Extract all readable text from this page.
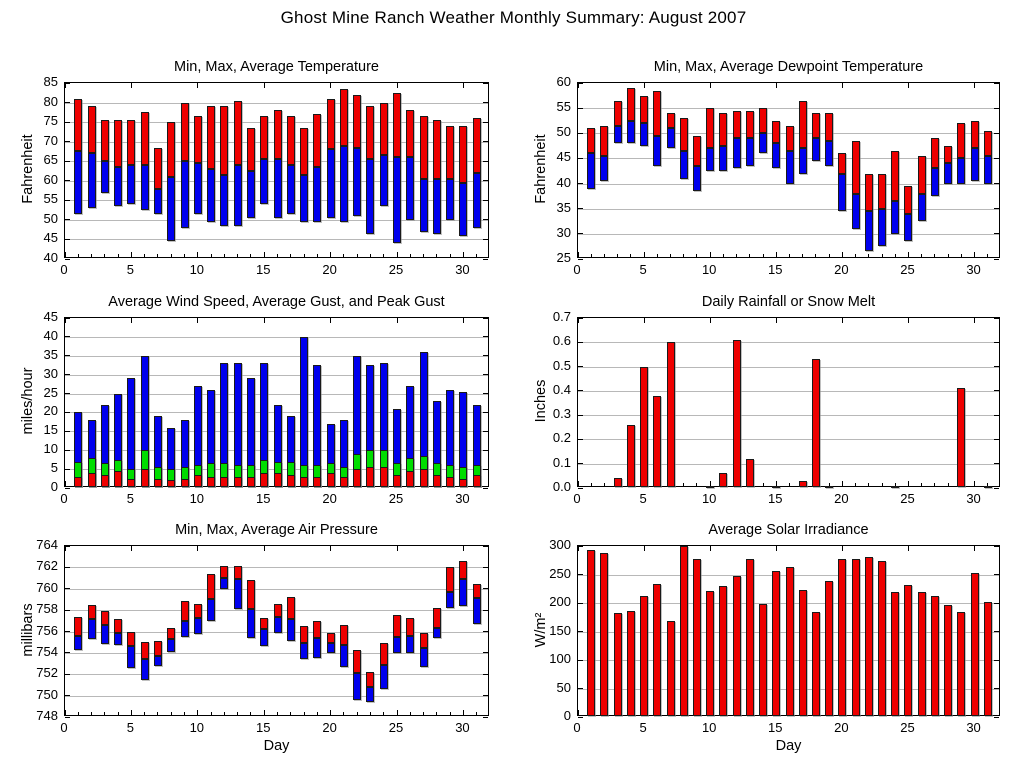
Ghost Mine Ranch Weather Monthly Summary: August 2007
Min, Max, Average Temperature
Fahrenheit
40
45
50
55
60
65
70
75
80
85
0	5	10	15	20	25	30
Min, Max, Average Dewpoint Temperature
Fahrenheit
25
30
35
40
45
50
55
60
0	5	10	15	20	25	30
Average Wind Speed, Average Gust, and Peak Gust
miles/hour
0
5
10
15
20
25
30
35
40
45
0	5	10	15	20	25	30
Daily Rainfall or Snow Melt
Inches
0.0
0.1
0.2
0.3
0.4
0.5
0.6
0.7
0	5	10	15	20	25	30
Min, Max, Average Air Pressure
millibars
Day
748
750
752
754
756
758
760
762
764
0	5	10	15	20	25	30
Average Solar Irradiance
W/m²
Day
0
50
100
150
200
250
300
0	5	10	15	20	25	30
